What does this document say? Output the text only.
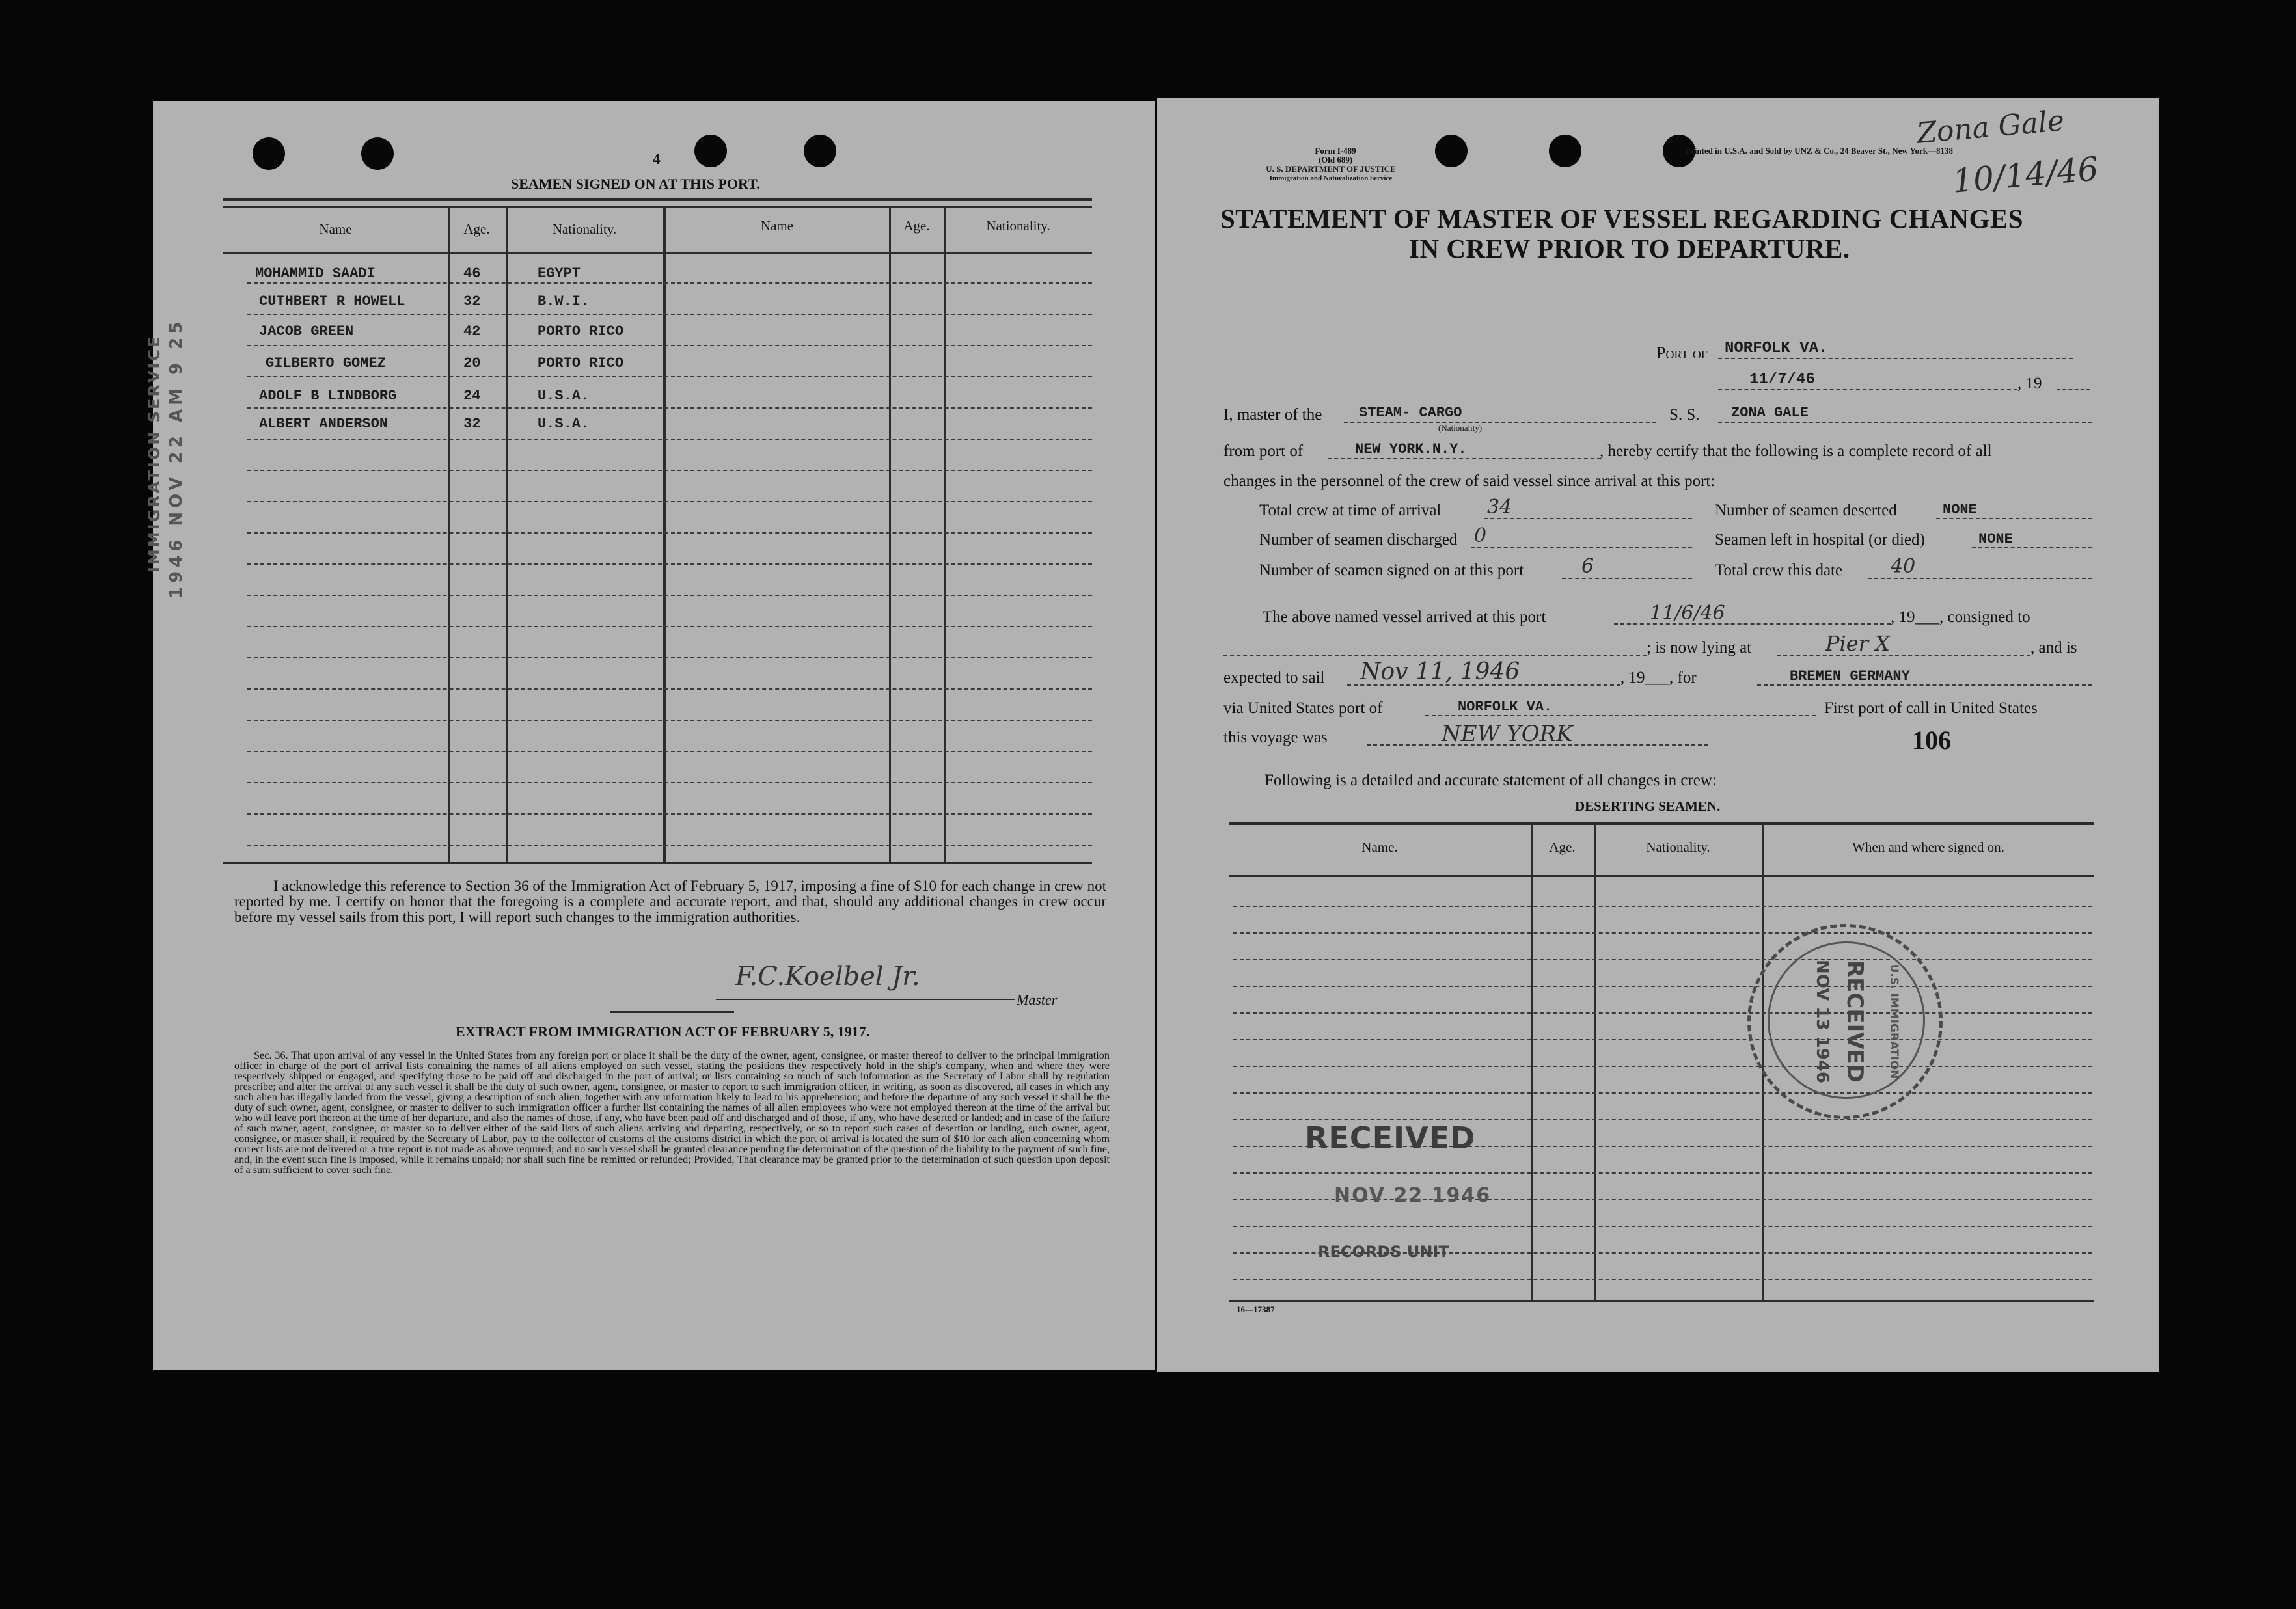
4
SEAMEN SIGNED ON AT THIS PORT.
Name	Age.	Nationality.	Name	Age.	Nationality.
MOHAMMID SAADI	46	EGYPT
CUTHBERT R HOWELL	32	B.W.I.
JACOB GREEN	42	PORTO RICO
GILBERTO GOMEZ	20	PORTO RICO
ADOLF B LINDBORG	24	U.S.A.
ALBERT ANDERSON	32	U.S.A.
IMMIGRATION SERVICE 1946 NOV 22 AM 9 25
I acknowledge this reference to Section 36 of the Immigration Act of February 5, 1917, imposing a fine of $10 for each change in crew not reported by me. I certify on honor that the foregoing is a complete and accurate report, and that, should any additional changes in crew occur before my vessel sails from this port, I will report such changes to the immigration authorities.
F.C.Koelbel Jr.
Master
EXTRACT FROM IMMIGRATION ACT OF FEBRUARY 5, 1917.
Sec. 36. That upon arrival of any vessel in the United States from any foreign port or place it shall be the duty of the owner, agent, consignee, or master thereof to deliver to the principal immigration officer in charge of the port of arrival lists containing the names of all aliens employed on such vessel, stating the positions they respectively hold in the ship's company, when and where they were respectively shipped or engaged, and specifying those to be paid off and discharged in the port of arrival; or lists containing so much of such information as the Secretary of Labor shall by regulation prescribe; and after the arrival of any such vessel it shall be the duty of such owner, agent, consignee, or master to report to such immigration officer, in writing, as soon as discovered, all cases in which any such alien has illegally landed from the vessel, giving a description of such alien, together with any information likely to lead to his apprehension; and before the departure of any such vessel it shall be the duty of such owner, agent, consignee, or master to deliver to such immigration officer a further list containing the names of all alien employees who were not employed thereon at the time of the arrival but who will leave port thereon at the time of her departure, and also the names of those, if any, who have been paid off and discharged and of those, if any, who have deserted or landed; and in case of the failure of such owner, agent, consignee, or master so to deliver either of the said lists of such aliens arriving and departing, respectively, or so to report such cases of desertion or landing, such owner, agent, consignee, or master shall, if required by the Secretary of Labor, pay to the collector of customs of the customs district in which the port of arrival is located the sum of $10 for each alien concerning whom correct lists are not delivered or a true report is not made as above required; and no such vessel shall be granted clearance pending the determination of the question of the liability to the payment of such fine, and, in the event such fine is imposed, while it remains unpaid; nor shall such fine be remitted or refunded; Provided, That clearance may be granted prior to the determination of such question upon deposit of a sum sufficient to cover such fine.
Form I-489
(Old 689)
U. S. DEPARTMENT OF JUSTICE
Immigration and Naturalization Service
Printed in U.S.A. and Sold by UNZ & Co., 24 Beaver St., New York—8138
Zona Gale
10/14/46
STATEMENT OF MASTER OF VESSEL REGARDING CHANGES
IN CREW PRIOR TO DEPARTURE.
Port of NORFOLK VA.
11/7/46	, 19
I, master of the	STEAM- CARGO
(Nationality)
S. S. ZONA GALE
from port of	NEW YORK.N.Y.	, hereby certify that the following is a complete record of all
changes in the personnel of the crew of said vessel since arrival at this port:
Total crew at time of arrival 34	Number of seamen deserted	NONE
Number of seamen discharged 0	Seamen left in hospital (or died)	NONE
Number of seamen signed on at this port	6	Total crew this date 40
The above named vessel arrived at this port	11/6/46	, 19___, consigned to
; is now lying at	Pier X	, and is
expected to sail Nov 11, 1946	, 19___, for	BREMEN GERMANY
via United States port of	NORFOLK VA.	First port of call in United States
this voyage was	NEW YORK	106
Following is a detailed and accurate statement of all changes in crew:
DESERTING SEAMEN.
Name.	Age.	Nationality.	When and where signed on.
RECEIVED
NOV 22 1946
RECORDS UNIT
U.S. IMMIGRATION
RECEIVED
NOV 13 1946
16—17387
